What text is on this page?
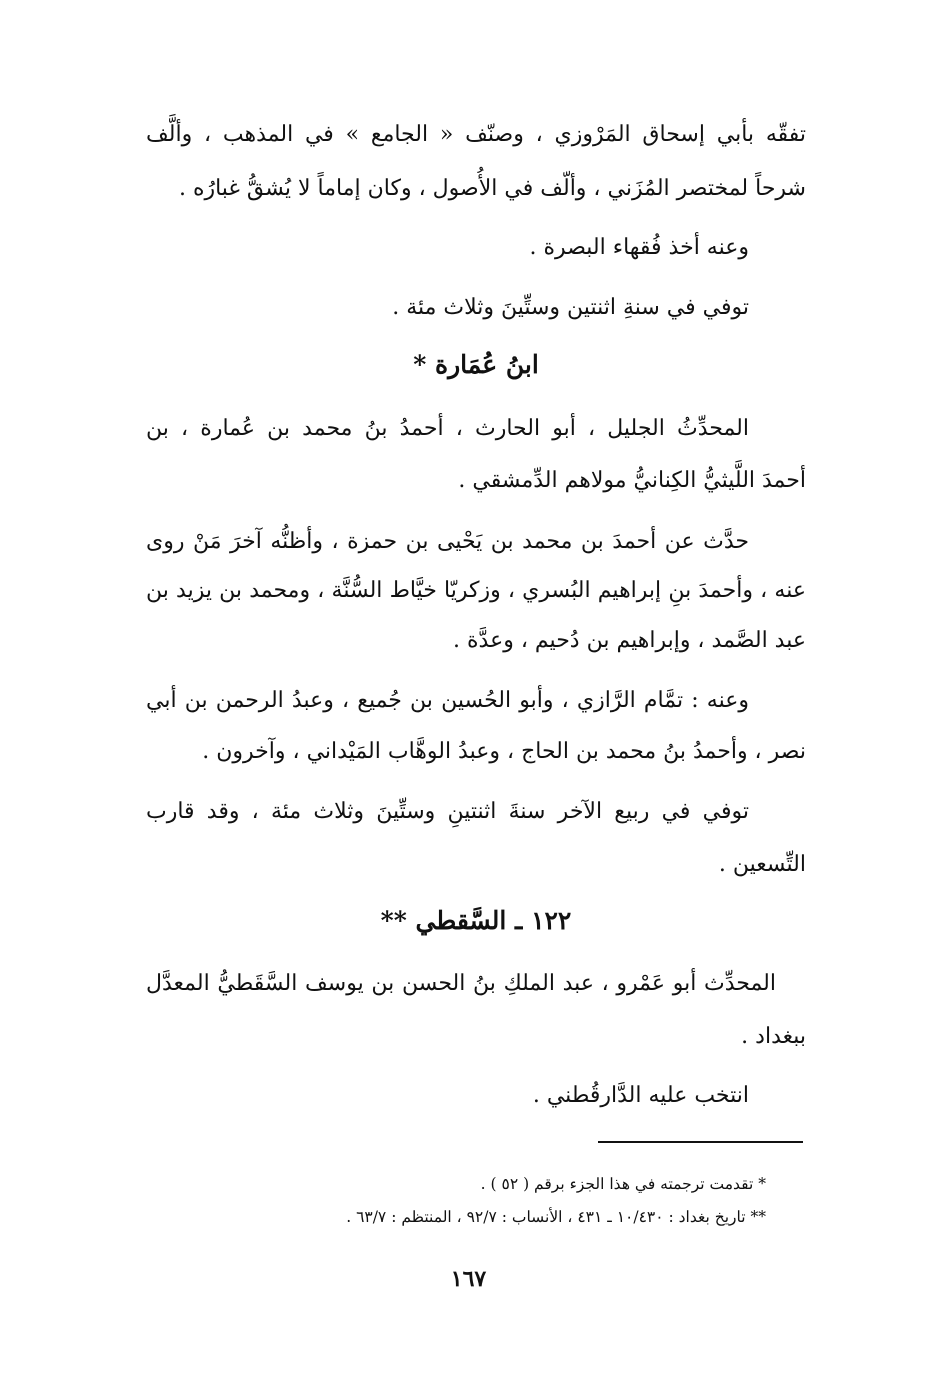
تفقّه بأبي إسحاق المَرْوزي ، وصنّف « الجامع » في المذهب ، وألَّف

شرحاً لمختصر المُزَني ، وألّف في الأُصول ، وكان إماماً لا يُشقُّ غبارُه .

وعنه أخذ فُقهاء البصرة .

توفي في سنةِ اثنتين وستِّينَ وثلاث مئة .

ابنُ عُمَارة *

المحدِّثُ الجليل ، أبو الحارث ، أحمدُ بنُ محمد بن عُمارة ، بن

أحمدَ اللَّيثيُّ الكِنانيُّ مولاهم الدِّمشقي .

حدَّث عن أحمدَ بن محمد بن يَحْيى بن حمزة ، وأظنُّه آخرَ مَنْ روى

عنه ، وأحمدَ بنِ إبراهيم البُسري ، وزكريّا خيَّاط السُّنَّة ، ومحمد بن يزيد بن

عبد الصَّمد ، وإبراهيم بن دُحيم ، وعدَّة .

وعنه : تمَّام الرَّازي ، وأبو الحُسين بن جُميع ، وعبدُ الرحمن بن أبي

نصر ، وأحمدُ بنُ محمد بن الحاج ، وعبدُ الوهَّاب المَيْداني ، وآخرون .

توفي في ربيع الآخر سنةَ اثنتينِ وستِّينَ وثلاث مئة ، وقد قارب

التِّسعين .

١٢٢ ـ السَّقطي **

المحدِّث أبو عَمْرو ، عبد الملكِ بنُ الحسن بن يوسف السَّقَطيُّ المعدَّل

ببغداد .

انتخب عليه الدَّارقُطني .

* تقدمت ترجمته في هذا الجزء برقم ( ٥٢ ) .

** تاريخ بغداد : ١٠/٤٣٠ ـ ٤٣١ ، الأنساب : ٩٢/٧ ، المنتظم : ٦٣/٧ .

١٦٧
